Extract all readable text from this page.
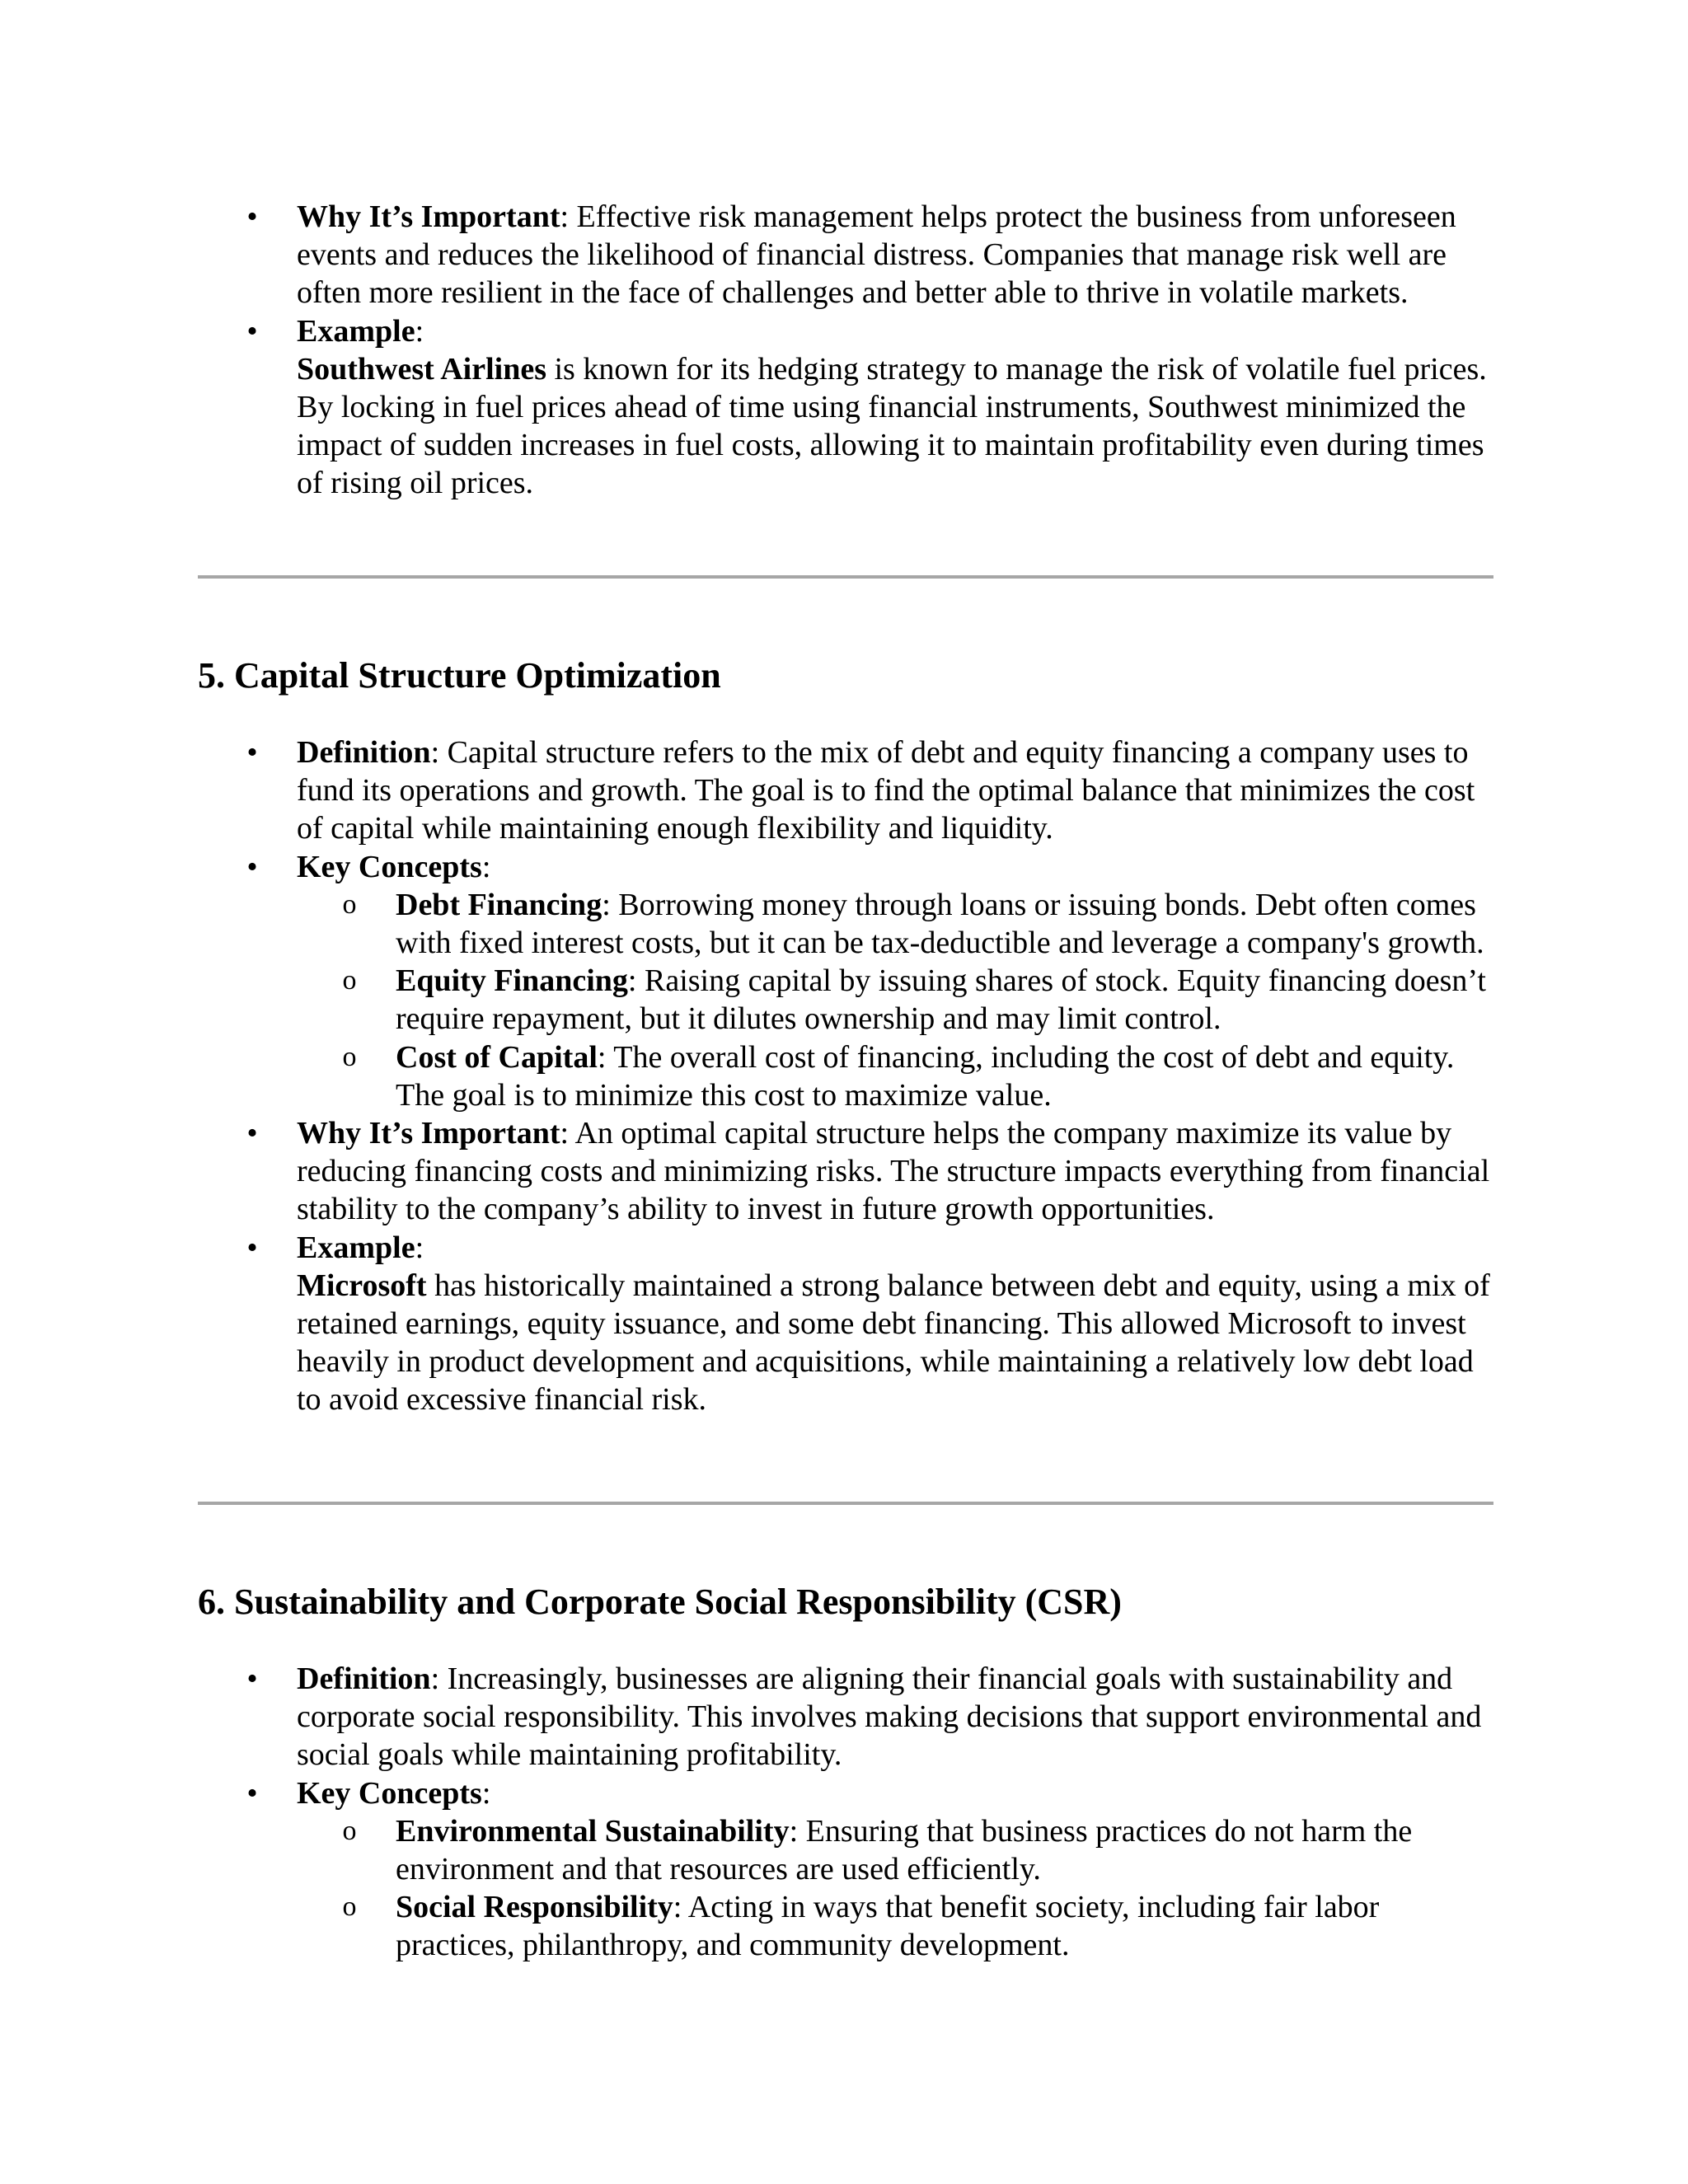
• Why It’s Important: Effective risk management helps protect the business from unforeseen events and reduces the likelihood of financial distress. Companies that manage risk well are often more resilient in the face of challenges and better able to thrive in volatile markets.
• Example:
Southwest Airlines is known for its hedging strategy to manage the risk of volatile fuel prices. By locking in fuel prices ahead of time using financial instruments, Southwest minimized the impact of sudden increases in fuel costs, allowing it to maintain profitability even during times of rising oil prices.
5. Capital Structure Optimization
• Definition: Capital structure refers to the mix of debt and equity financing a company uses to fund its operations and growth. The goal is to find the optimal balance that minimizes the cost of capital while maintaining enough flexibility and liquidity.
• Key Concepts:
o Debt Financing: Borrowing money through loans or issuing bonds. Debt often comes with fixed interest costs, but it can be tax-deductible and leverage a company's growth.
o Equity Financing: Raising capital by issuing shares of stock. Equity financing doesn’t require repayment, but it dilutes ownership and may limit control.
o Cost of Capital: The overall cost of financing, including the cost of debt and equity. The goal is to minimize this cost to maximize value.
• Why It’s Important: An optimal capital structure helps the company maximize its value by reducing financing costs and minimizing risks. The structure impacts everything from financial stability to the company’s ability to invest in future growth opportunities.
• Example:
Microsoft has historically maintained a strong balance between debt and equity, using a mix of retained earnings, equity issuance, and some debt financing. This allowed Microsoft to invest heavily in product development and acquisitions, while maintaining a relatively low debt load to avoid excessive financial risk.
6. Sustainability and Corporate Social Responsibility (CSR)
• Definition: Increasingly, businesses are aligning their financial goals with sustainability and corporate social responsibility. This involves making decisions that support environmental and social goals while maintaining profitability.
• Key Concepts:
o Environmental Sustainability: Ensuring that business practices do not harm the environment and that resources are used efficiently.
o Social Responsibility: Acting in ways that benefit society, including fair labor practices, philanthropy, and community development.
